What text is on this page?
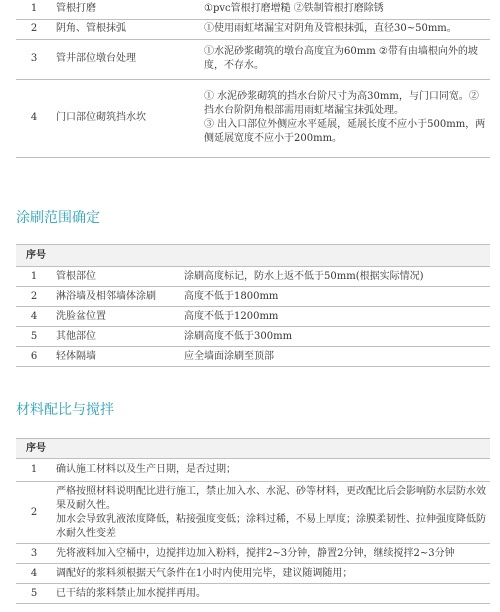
1	管根打磨	①pvc管根打磨增糙 ②铁制管根打磨除锈
2	阴角、管根抹弧	①使用雨虹堵漏宝对阴角及管根抹弧，直径30~50mm。
3	管井部位墩台处理	①水泥砂浆砌筑的墩台高度宜为60mm ②带有由墙根向外的坡度，不存水。
4	门口部位砌筑挡水坎	① 水泥砂浆砌筑的挡水台阶尺寸为高30mm，与门口同宽。② 挡水台阶阴角根部需用雨虹堵漏宝抹弧处理。
③ 出入口部位外侧应水平延展，延展长度不应小于500mm，两侧延展宽度不应小于200mm。
涂刷范围确定
序号		
1	管根部位	涂刷高度标记，防水上返不低于50mm(根据实际情况)
2	淋浴墙及相邻墙体涂刷	高度不低于1800mm
4	洗脸盆位置	高度不低于1200mm
5	其他部位	涂刷高度不低于300mm
6	轻体隔墙	应全墙面涂刷至顶部
材料配比与搅拌
序号	
1	确认施工材料以及生产日期，是否过期；
2	严格按照材料说明配比进行施工，禁止加入水、水泥、砂等材料，更改配比后会影响防水层防水效果及耐久性。
加水会导致乳液浓度降低，粘接强度变低；涂料过稀，不易上厚度；涂膜柔韧性、拉伸强度降低防水耐久性变差

3	先将液料加入空桶中，边搅拌边加入粉料，搅拌2~3分钟，静置2分钟，继续搅拌2~3分钟
4	调配好的浆料须根据天气条件在1小时内使用完毕，建议随调随用；
5	已干结的浆料禁止加水搅拌再用。
